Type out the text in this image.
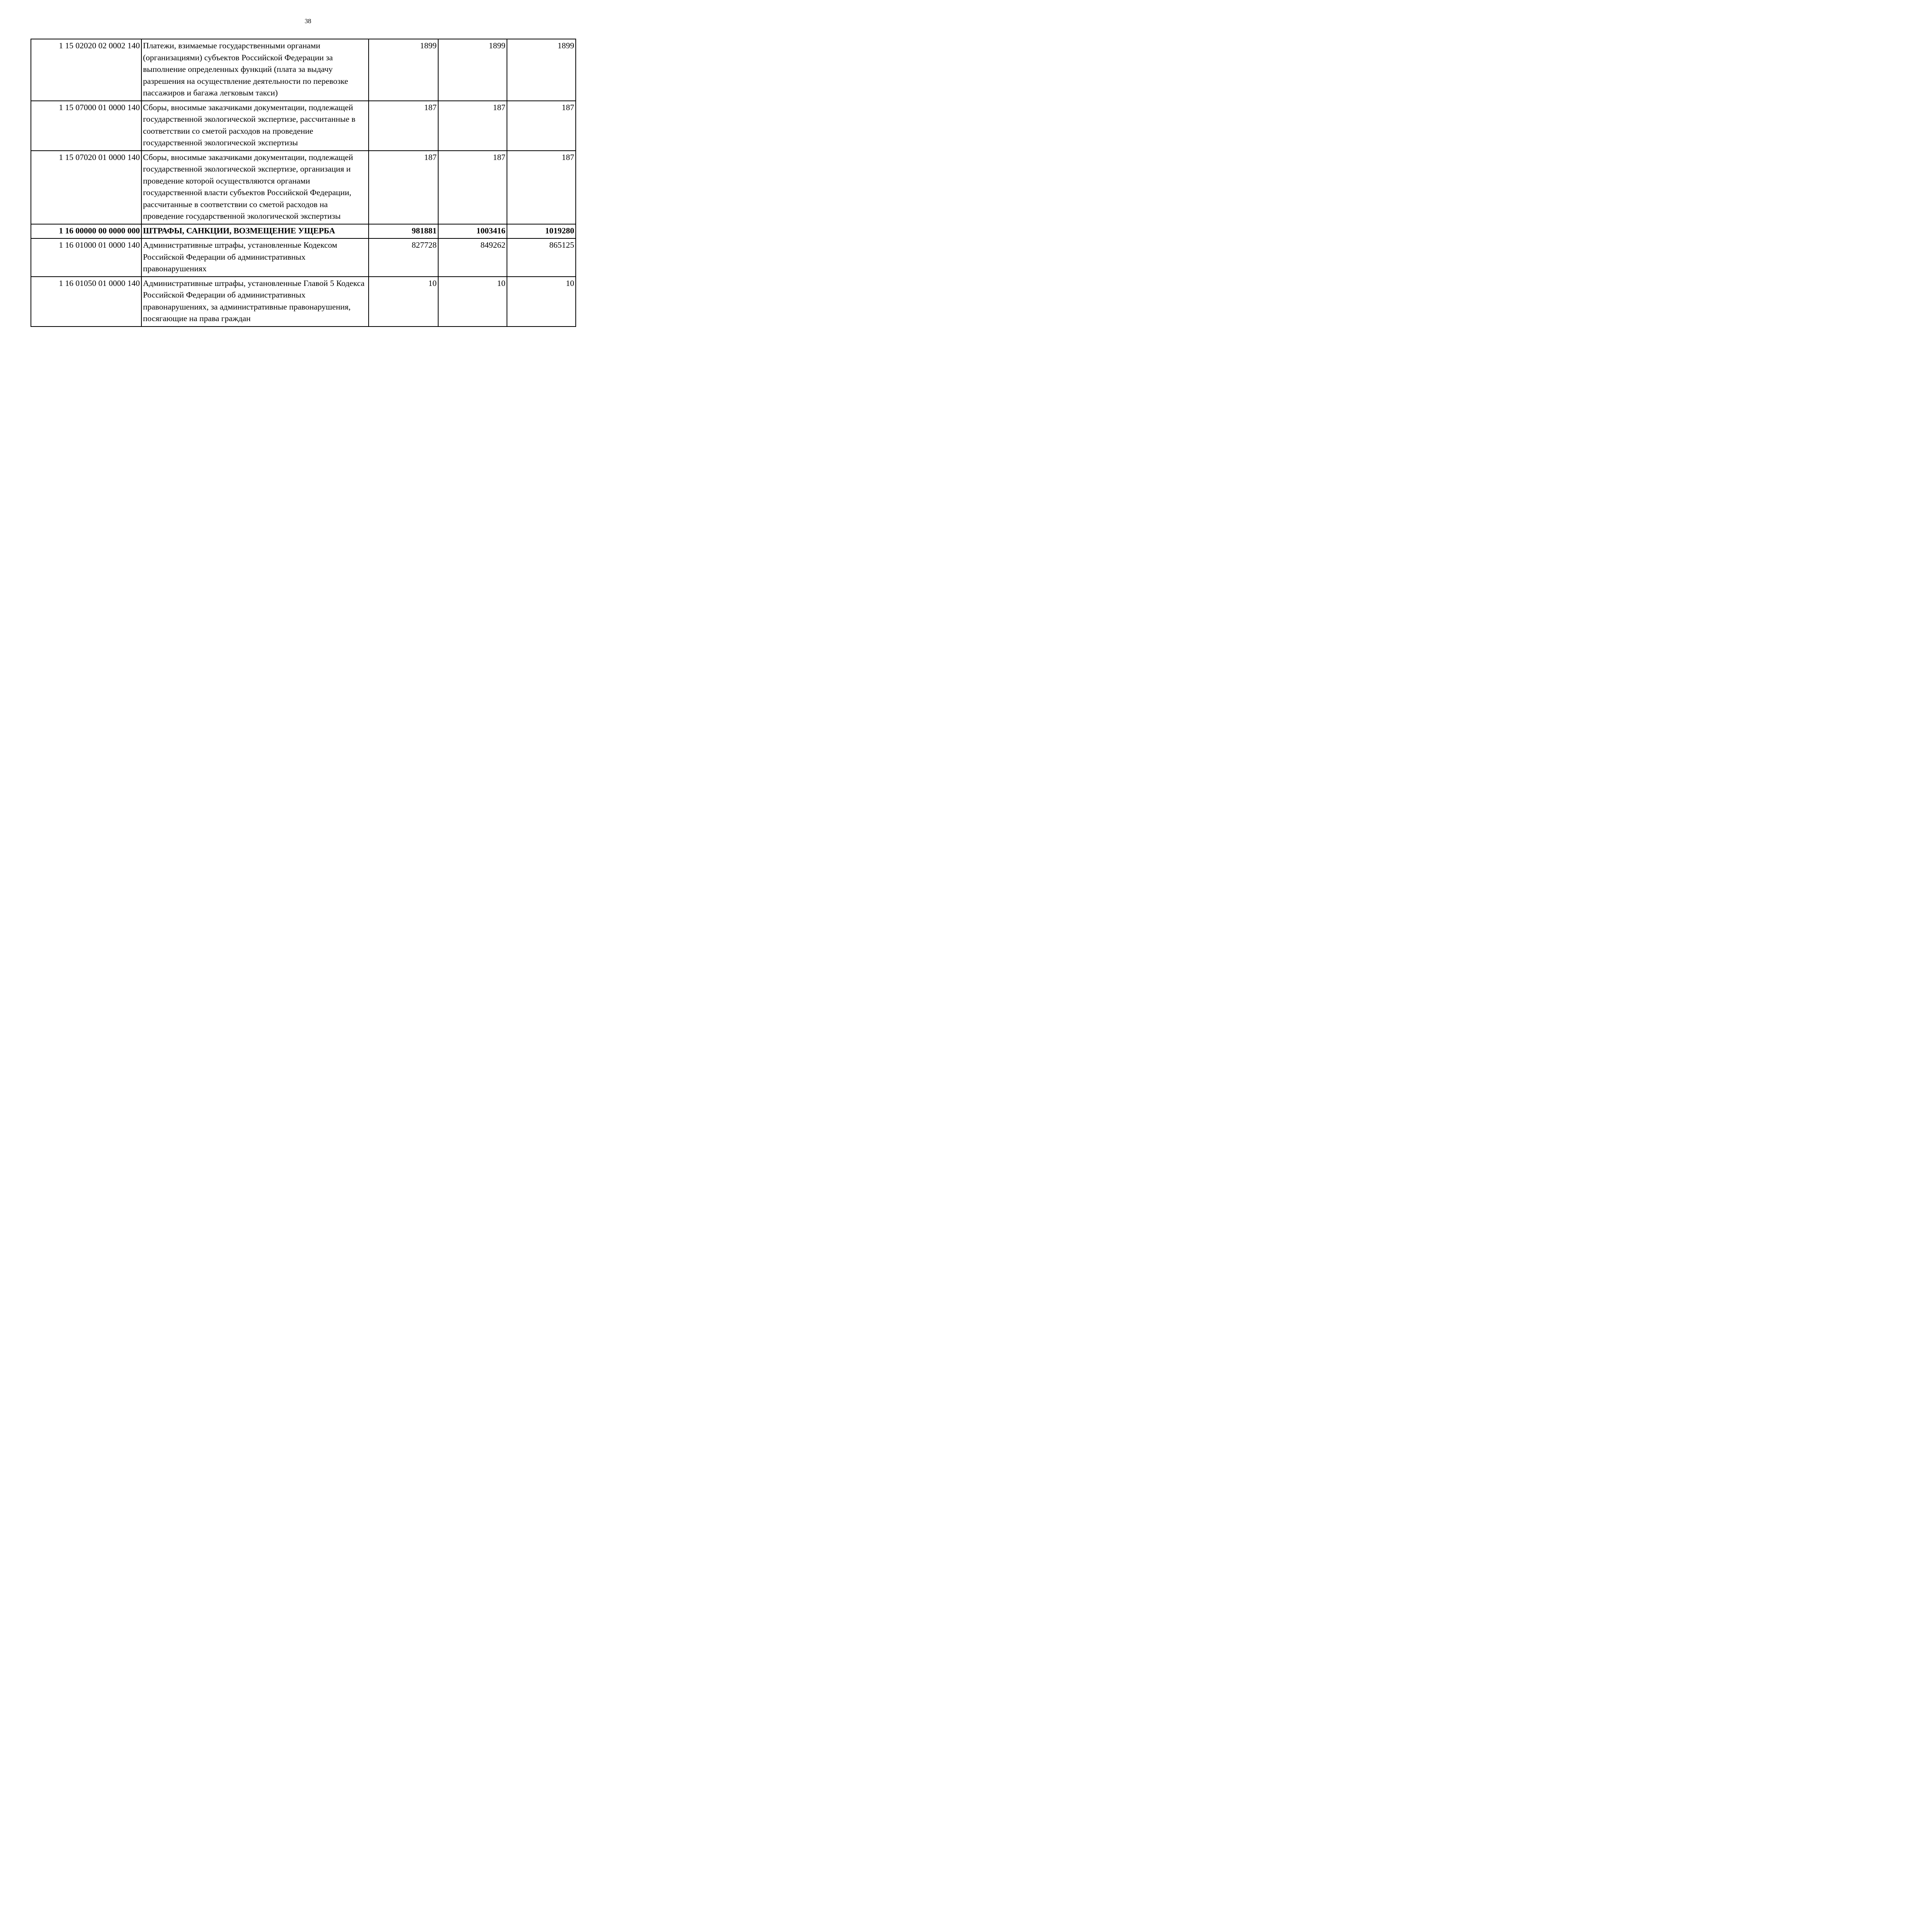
38
1 15 02020 02 0002 140	Платежи, взимаемые государственными органами (организациями) субъектов Российской Федерации за выполнение определенных функций (плата за выдачу разрешения на осуществление деятельности по перевозке пассажиров и багажа легковым такси)	1899	1899	1899
1 15 07000 01 0000 140	Сборы, вносимые заказчиками документации, подлежащей государственной экологической экспертизе, рассчитанные в соответствии со сметой расходов на проведение государственной экологической экспертизы	187	187	187
1 15 07020 01 0000 140	Сборы, вносимые заказчиками документации, подлежащей государственной экологической экспертизе, организация и проведение которой осуществляются органами государственной власти субъектов Российской Федерации, рассчитанные в соответствии со сметой расходов на проведение государственной экологической экспертизы	187	187	187
1 16 00000 00 0000 000	ШТРАФЫ, САНКЦИИ, ВОЗМЕЩЕНИЕ УЩЕРБА	981881	1003416	1019280
1 16 01000 01 0000 140	Административные штрафы, установленные Кодексом Российской Федерации об административных правонарушениях	827728	849262	865125
1 16 01050 01 0000 140	Административные штрафы, установленные Главой 5 Кодекса Российской Федерации об административных правонарушениях, за административные правонарушения, посягающие на права граждан	10	10	10
